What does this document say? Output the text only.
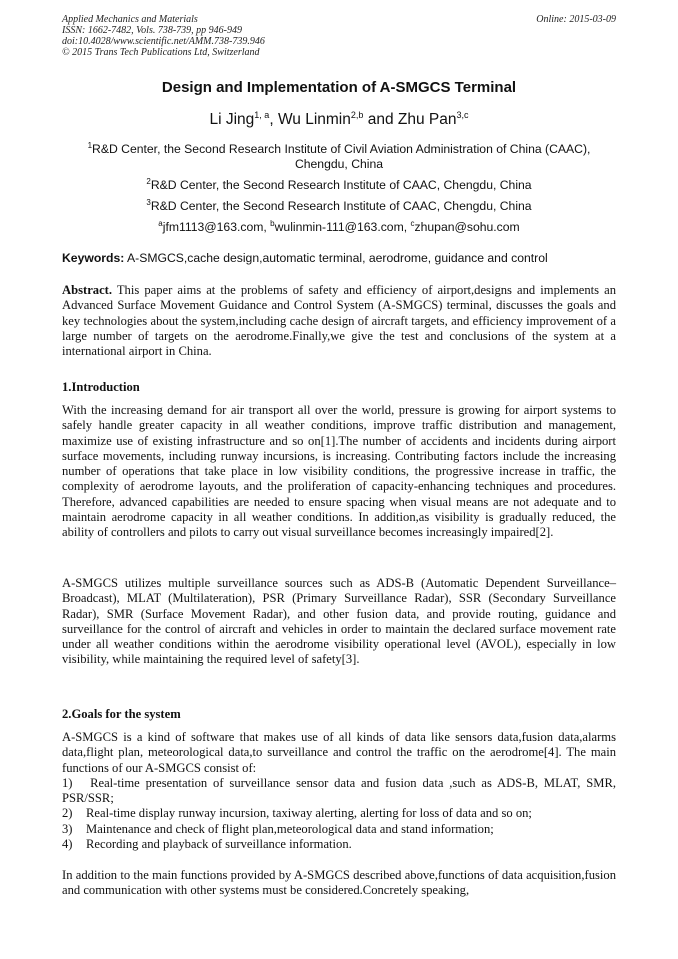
Applied Mechanics and Materials
ISSN: 1662-7482, Vols. 738-739, pp 946-949
doi:10.4028/www.scientific.net/AMM.738-739.946
© 2015 Trans Tech Publications Ltd, Switzerland
Online: 2015-03-09
Design and Implementation of A-SMGCS Terminal
Li Jing$^{1, a}$, Wu Linmin$^{2,b}$ and Zhu Pan$^{3,c}$
$^1$R&D Center, the Second Research Institute of Civil Aviation Administration of China (CAAC), Chengdu, China
$^2$R&D Center, the Second Research Institute of CAAC, Chengdu, China
$^3$R&D Center, the Second Research Institute of CAAC, Chengdu, China
$^a$jfm1113@163.com, $^b$wulinmin-111@163.com, $^c$zhupan@sohu.com
Keywords: A-SMGCS,cache design,automatic terminal, aerodrome, guidance and control
Abstract. This paper aims at the problems of safety and efficiency of airport,designs and implements an Advanced Surface Movement Guidance and Control System (A-SMGCS) terminal, discusses the goals and key technologies about the system,including cache design of aircraft targets, and efficiency improvement of a large number of targets on the aerodrome.Finally,we give the test and conclusions of the system at a international airport in China.
1.Introduction
With the increasing demand for air transport all over the world, pressure is growing for airport systems to safely handle greater capacity in all weather conditions, improve traffic distribution and management, maximize use of existing infrastructure and so on[1].The number of accidents and incidents during airport surface movements, including runway incursions, is increasing. Contributing factors include the increasing number of operations that take place in low visibility conditions, the progressive increase in traffic, the complexity of aerodrome layouts, and the proliferation of capacity-enhancing techniques and procedures. Therefore, advanced capabilities are needed to ensure spacing when visual means are not adequate and to maintain aerodrome capacity in all weather conditions. In addition,as visibility is gradually reduced, the ability of controllers and pilots to carry out visual surveillance becomes increasingly impaired[2].
A-SMGCS utilizes multiple surveillance sources such as ADS-B (Automatic Dependent Surveillance–Broadcast), MLAT (Multilateration), PSR (Primary Surveillance Radar), SSR (Secondary Surveillance Radar), SMR (Surface Movement Radar), and other fusion data, and provide routing, guidance and surveillance for the control of aircraft and vehicles in order to maintain the declared surface movement rate under all weather conditions within the aerodrome visibility operational level (AVOL), especially in low visibility, while maintaining the required level of safety[3].
2.Goals for the system
A-SMGCS is a kind of software that makes use of all kinds of data like sensors data,fusion data,alarms data,flight plan, meteorological data,to surveillance and control the traffic on the aerodrome[4]. The main functions of our A-SMGCS consist of:
1)   Real-time presentation of surveillance sensor data and fusion data ,such as ADS-B, MLAT, SMR, PSR/SSR;
2) Real-time display runway incursion, taxiway alerting, alerting for loss of data and so on;
3) Maintenance and check of flight plan,meteorological data and stand information;
4) Recording and playback of surveillance information.
In addition to the main functions provided by A-SMGCS described above,functions of data acquisition,fusion and communication with other systems must be considered.Concretely speaking,
